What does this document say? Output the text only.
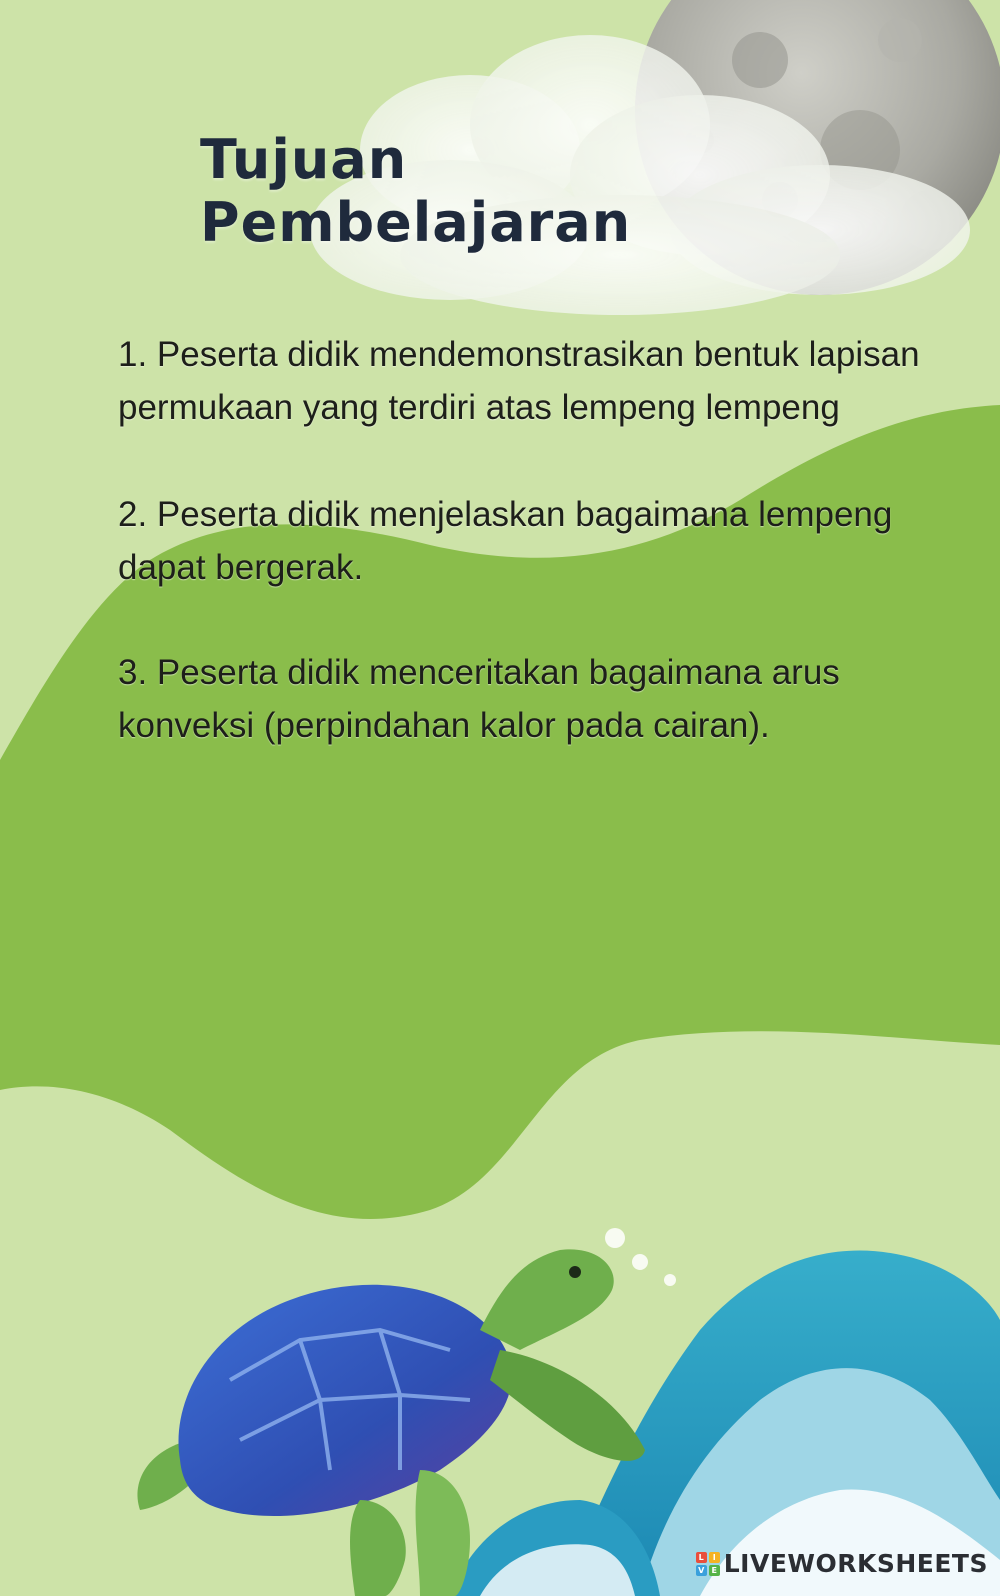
Tujuan Pembelajaran
1. Peserta didik mendemonstrasikan bentuk lapisan permukaan yang terdiri atas lempeng lempeng
2. Peserta didik menjelaskan bagaimana lempeng dapat bergerak.
3. Peserta didik menceritakan bagaimana arus konveksi (perpindahan kalor pada cairan).
L	I
V E LIVEWORKSHEETS
